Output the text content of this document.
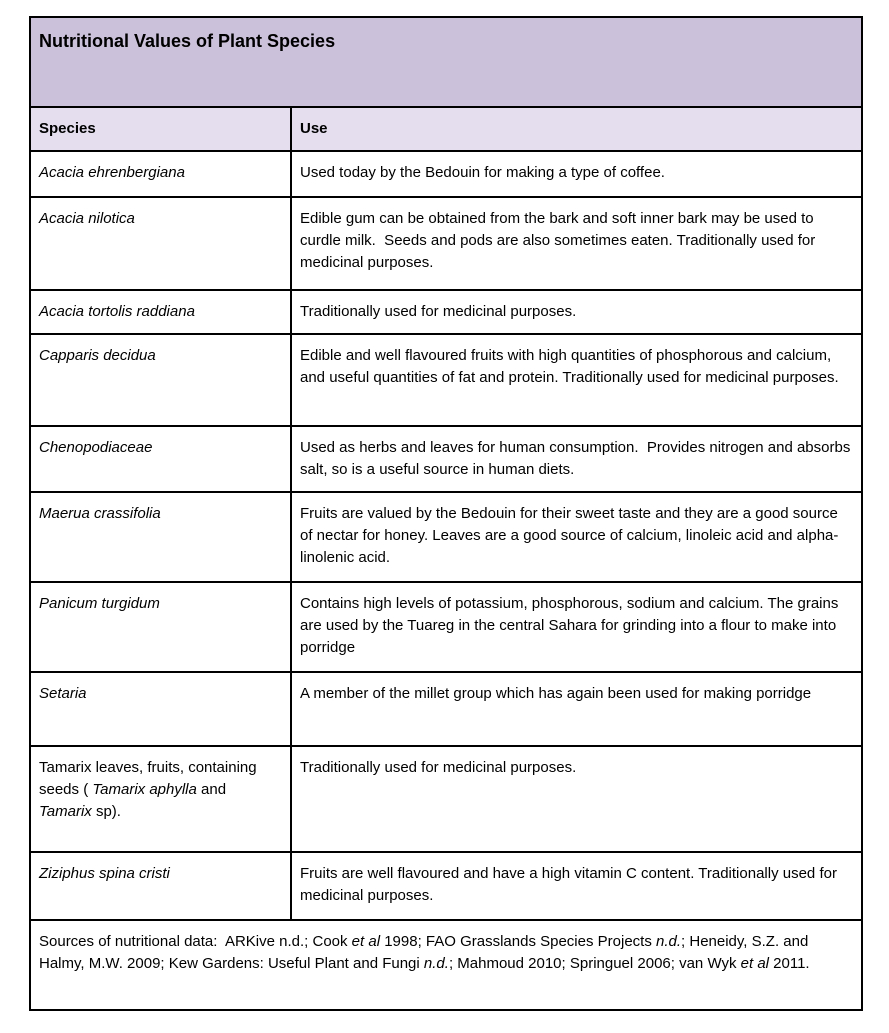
Nutritional Values of Plant Species	
Species	Use
Acacia ehrenbergiana	Used today by the Bedouin for making a type of coffee.
Acacia nilotica	Edible gum can be obtained from the bark and soft inner bark may be used to curdle milk.  Seeds and pods are also sometimes eaten. Traditionally used for medicinal purposes.
Acacia tortolis raddiana	Traditionally used for medicinal purposes.
Capparis decidua	Edible and well flavoured fruits with high quantities of phosphorous and calcium, and useful quantities of fat and protein. Traditionally used for medicinal purposes.
Chenopodiaceae	Used as herbs and leaves for human consumption.  Provides nitrogen and absorbs salt, so is a useful source in human diets.
Maerua crassifolia	Fruits are valued by the Bedouin for their sweet taste and they are a good source of nectar for honey. Leaves are a good source of calcium, linoleic acid and alpha-linolenic acid.
Panicum turgidum	Contains high levels of potassium, phosphorous, sodium and calcium. The grains are used by the Tuareg in the central Sahara for grinding into a flour to make into porridge
Setaria	A member of the millet group which has again been used for making porridge
Tamarix leaves, fruits, containing seeds ( Tamarix aphylla and  Tamarix sp).	Traditionally used for medicinal purposes.
Ziziphus spina cristi	Fruits are well flavoured and have a high vitamin C content. Traditionally used for medicinal purposes.
Sources of nutritional data:  ARKive n.d.; Cook et al 1998; FAO Grasslands Species Projects n.d.; Heneidy, S.Z. and Halmy, M.W. 2009; Kew Gardens: Useful Plant and Fungi n.d.; Mahmoud 2010; Springuel 2006; van Wyk et al 2011.	
